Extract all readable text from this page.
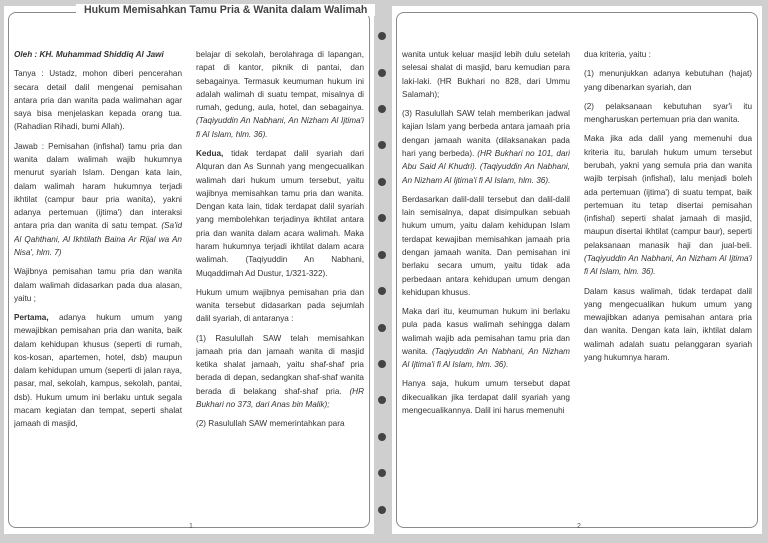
Oleh : KH. Muhammad Shiddiq Al Jawi

Tanya : Ustadz, mohon diberi pencerahan secara detail dalil mengenai pemisahan antara pria dan wanita pada walimahan agar saya bisa menjelaskan kepada orang tua. (Rahadian Rihadi, bumi Allah).

Jawab : Pemisahan (infishal) tamu pria dan wanita dalam walimah wajib hukumnya menurut syariah Islam. Dengan kata lain, dalam walimah haram hukumnya terjadi ikhtilat (campur baur pria wanita), yakni adanya pertemuan (ijtima') dan interaksi antara pria dan wanita di satu tempat. (Sa'id Al Qahthani, Al Ikhtilath Baina Ar Rijal wa An Nisa', hlm. 7)

Wajibnya pemisahan tamu pria dan wanita dalam walimah didasarkan pada dua alasan, yaitu ;

Pertama, adanya hukum umum yang mewajibkan pemisahan pria dan wanita, baik dalam kehidupan khusus (seperti di rumah, kos-kosan, apartemen, hotel, dsb) maupun dalam kehidupan umum (seperti di jalan raya, pasar, mal, sekolah, kampus, sekolah, pantai, dsb). Hukum umum ini berlaku untuk segala macam kegiatan dan tempat, seperti shalat jamaah di masjid,

belajar di sekolah, berolahraga di lapangan, rapat di kantor, piknik di pantai, dan sebagainya. Termasuk keumuman hukum ini adalah walimah di suatu tempat, misalnya di rumah, gedung, aula, hotel, dan sebagainya. (Taqiyuddin An Nabhani, An Nizham Al Ijtima'i fi Al Islam, hlm. 36).

Kedua, tidak terdapat dalil syariah dari Alquran dan As Sunnah yang mengecualikan walimah dari hukum umum tersebut, yaitu wajibnya memisahkan tamu pria dan wanita. Dengan kata lain, tidak terdapat dalil syariah yang membolehkan terjadinya ikhtilat antara pria dan wanita dalam acara walimah. Maka haram hukumnya terjadi ikhtilat dalam acara walimah. (Taqiyuddin An Nabhani, Muqaddimah Ad Dustur, 1/321-322).

Hukum umum wajibnya pemisahan pria dan wanita tersebut didasarkan pada sejumlah dalil syariah, di antaranya :

(1) Rasulullah SAW telah memisahkan jamaah pria dan jamaah wanita di masjid ketika shalat jamaah, yaitu shaf-shaf pria berada di depan, sedangkan shaf-shaf wanita berada di belakang shaf-shaf pria. (HR Bukhari no 373, dari Anas bin Malik);

(2) Rasulullah SAW memerintahkan para

1

wanita untuk keluar masjid lebih dulu setelah selesai shalat di masjid, baru kemudian para laki-laki. (HR Bukhari no 828, dari Ummu Salamah);

(3) Rasulullah SAW telah memberikan jadwal kajian Islam yang berbeda antara jamaah pria dengan jamaah wanita (dilaksanakan pada hari yang berbeda). (HR Bukhari no 101, dari Abu Said Al Khudri). (Taqiyuddin An Nabhani, An Nizham Al Ijtima'i fi Al Islam, hlm. 36).

Berdasarkan dalil-dalil tersebut dan dalil-dalil lain semisalnya, dapat disimpulkan sebuah hukum umum, yaitu dalam kehidupan Islam terdapat kewajiban memisahkan jamaah pria dengan jamaah wanita. Dan pemisahan ini berlaku secara umum, yaitu tidak ada perbedaan antara kehidupan umum dengan kehidupan khusus.

Maka dari itu, keumuman hukum ini berlaku pula pada kasus walimah sehingga dalam walimah wajib ada pemisahan tamu pria dan wanita. (Taqiyuddin An Nabhani, An Nizham Al Ijtima'i fi Al Islam, hlm. 36).

Hanya saja, hukum umum tersebut dapat dikecualikan jika terdapat dalil syariah yang mengecualikannya. Dalil ini harus memenuhi

dua kriteria, yaitu :

(1) menunjukkan adanya kebutuhan (hajat) yang dibenarkan syariah, dan

(2) pelaksanaan kebutuhan syar'i itu mengharuskan pertemuan pria dan wanita.

Maka jika ada dalil yang memenuhi dua kriteria itu, barulah hukum umum tersebut berubah, yakni yang semula pria dan wanita wajib terpisah (infishal), lalu menjadi boleh ada pertemuan (ijtima') di suatu tempat, baik pertemuan itu tetap disertai pemisahan (infishal) seperti shalat jamaah di masjid, maupun disertai ikhtilat (campur baur), seperti pelaksanaan manasik haji dan jual-beli. (Taqiyuddin An Nabhani, An Nizham Al Ijtima'i fi Al Islam, hlm. 36).

Dalam kasus walimah, tidak terdapat dalil yang mengecualikan hukum umum yang mewajibkan adanya pemisahan antara pria dan wanita. Dengan kata lain, ikhtilat dalam walimah adalah suatu pelanggaran syariah yang hukumnya haram.

2
Hukum Memisahkan Tamu Pria & Wanita dalam Walimah
